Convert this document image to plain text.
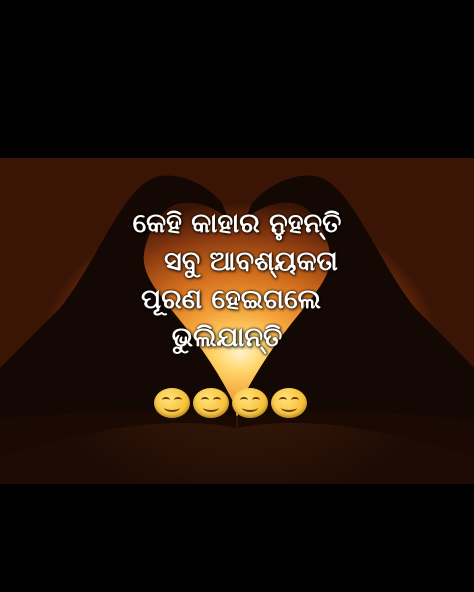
କେହି କାହାର ନୁହନ୍ତି
ସବୁ ଆବଶ୍ୟକତା
ପୂରଣ ହେଇଗଲେ
ଭୁଲିଯାନ୍ତି
